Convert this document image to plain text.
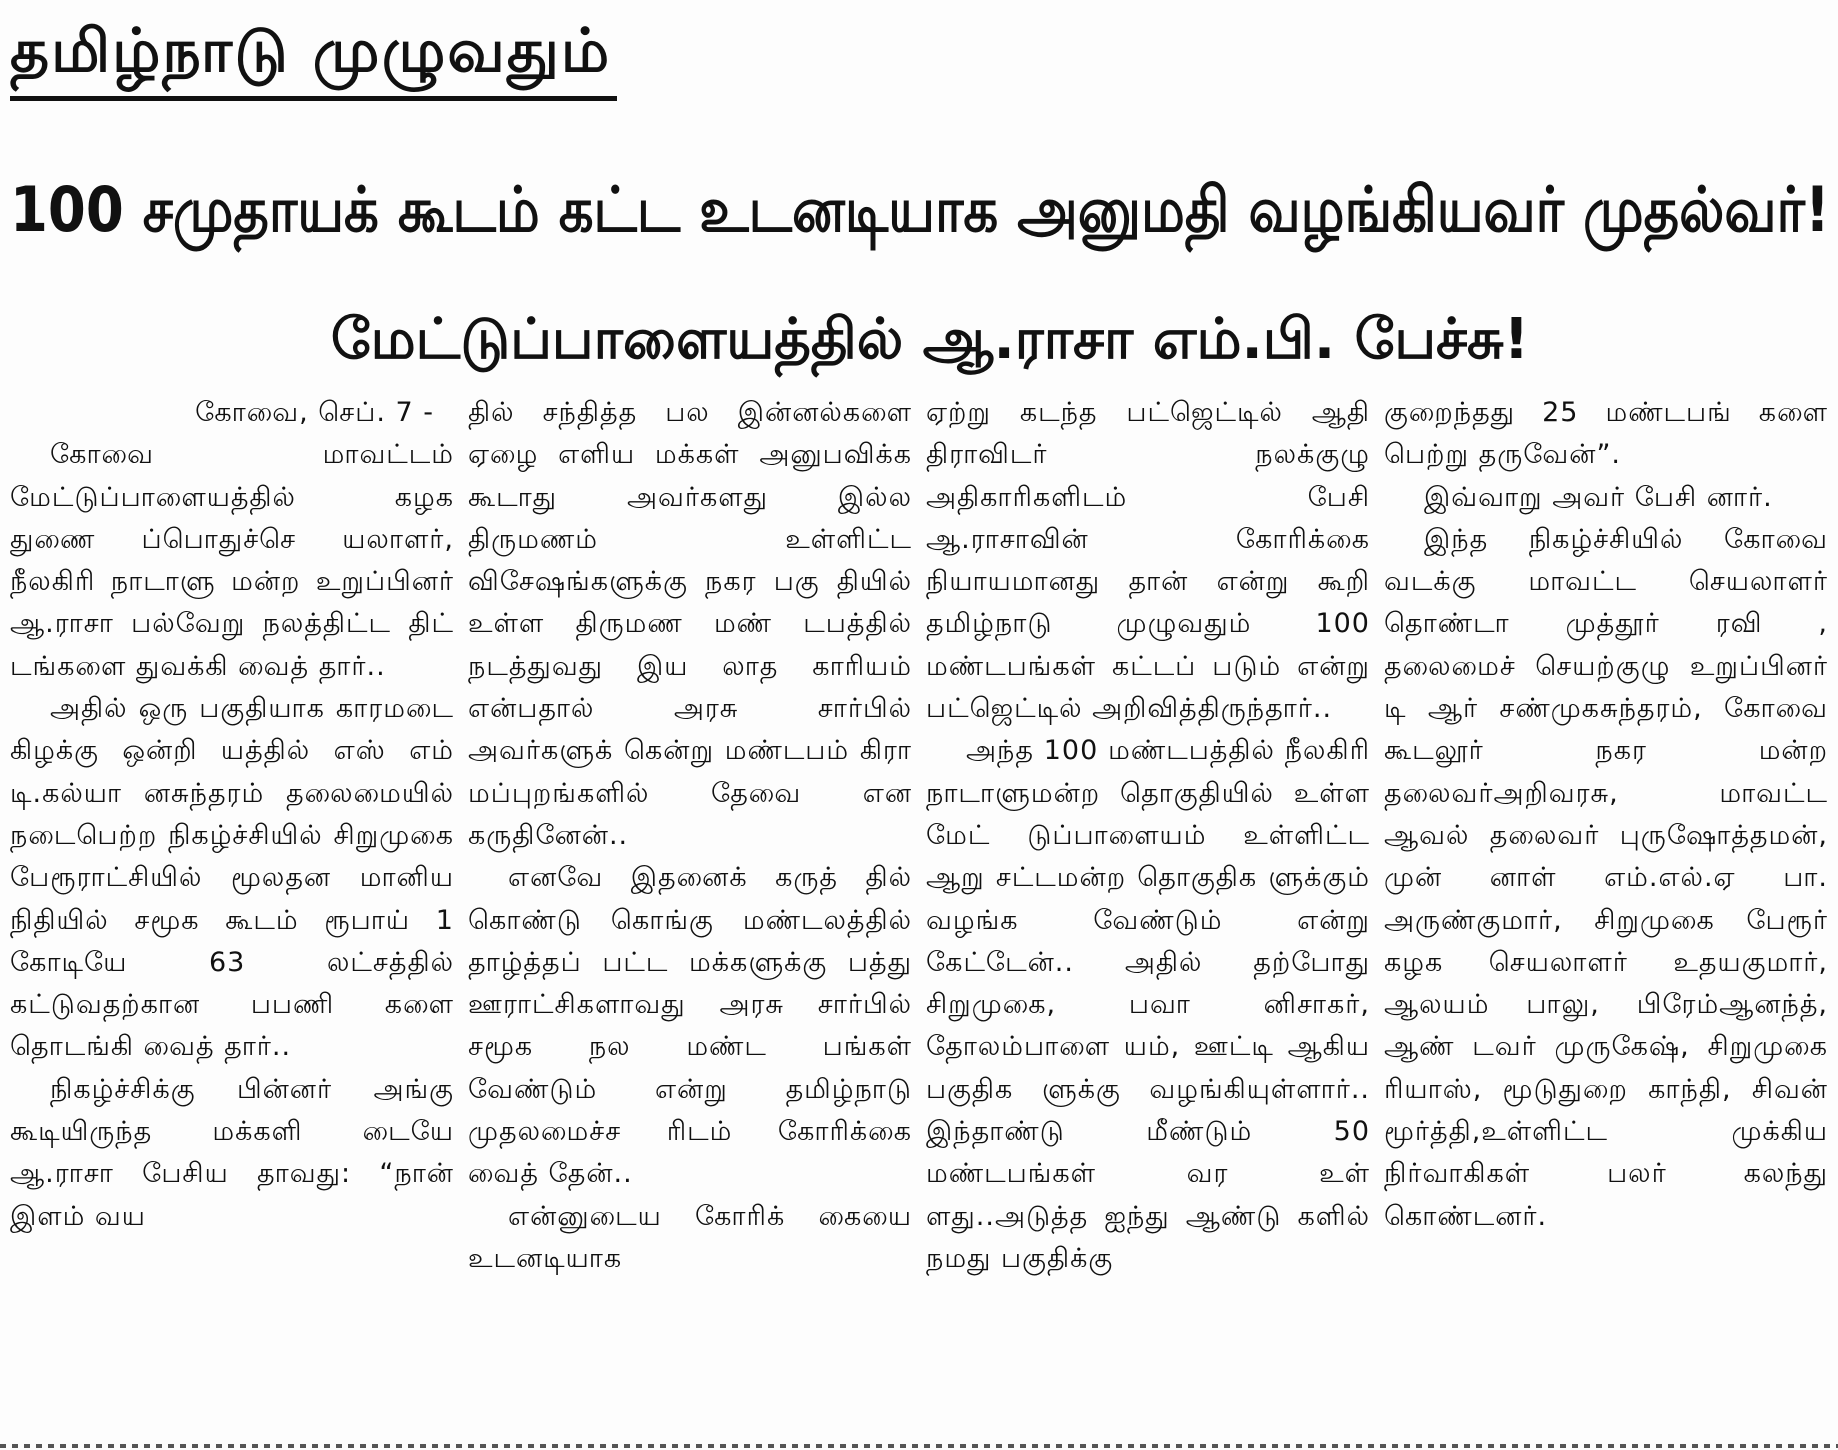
தமிழ்நாடு முழுவதும்
100 சமுதாயக் கூடம் கட்ட உடனடியாக அனுமதி வழங்கியவர் முதல்வர்!
மேட்டுப்பாளையத்தில் ஆ.ராசா எம்.பி. பேச்சு!

கோவை, செப். 7 -

கோவை மாவட்டம் மேட்டுப்பாளையத்தில் கழக துணை ப்பொதுச்செ யலாளர், நீலகிரி நாடாளு மன்ற உறுப்பினர் ஆ.ராசா பல்வேறு நலத்திட்ட திட் டங்களை துவக்கி வைத் தார்..

அதில் ஒரு பகுதியாக காரமடை கிழக்கு ஒன்றி யத்தில் எஸ் எம் டி.கல்யா னசுந்தரம் தலைமையில் நடைபெற்ற நிகழ்ச்சியில் சிறுமுகை பேரூராட்சியில் மூலதன மானிய நிதியில் சமூக கூடம் ரூபாய் 1 கோடியே 63 லட்சத்தில் கட்டுவதற்கான பபணி களை தொடங்கி வைத் தார்..

நிகழ்ச்சிக்கு பின்னர் அங்கு கூடியிருந்த மக்களி டையே ஆ.ராசா பேசிய தாவது: “நான் இளம் வய

தில் சந்தித்த பல இன்னல்களை ஏழை எளிய மக்கள் அனுபவிக்க கூடாது அவர்களது இல்ல திருமணம் உள்ளிட்ட விசேஷங்களுக்கு நகர பகு தியில் உள்ள திருமண மண் டபத்தில் நடத்துவது இய லாத காரியம் என்பதால் அரசு சார்பில் அவர்களுக் கென்று மண்டபம் கிரா மப்புறங்களில் தேவை என கருதினேன்..

எனவே இதனைக் கருத் தில் கொண்டு கொங்கு மண்டலத்தில் தாழ்த்தப் பட்ட மக்களுக்கு பத்து ஊராட்சிகளாவது அரசு சார்பில் சமூக நல மண்ட பங்கள் வேண்டும் என்று தமிழ்நாடு முதலமைச்ச ரிடம் கோரிக்கை வைத் தேன்..

என்னுடைய கோரிக் கையை உடனடியாக

ஏற்று கடந்த பட்ஜெட்டில் ஆதி திராவிடர் நலக்குழு அதிகாரிகளிடம் பேசி ஆ.ராசாவின் கோரிக்கை நியாயமானது தான் என்று கூறி தமிழ்நாடு முழுவதும் 100 மண்டபங்கள் கட்டப் படும் என்று பட்ஜெட்டில் அறிவித்திருந்தார்..

அந்த 100 மண்டபத்தில் நீலகிரி நாடாளுமன்ற தொகுதியில் உள்ள மேட் டுப்பாளையம் உள்ளிட்ட ஆறு சட்டமன்ற தொகுதிக ளுக்கும் வழங்க வேண்டும் என்று கேட்டேன்.. அதில் தற்போது சிறுமுகை, பவா னிசாகர், தோலம்பாளை யம், ஊட்டி ஆகிய பகுதிக ளுக்கு வழங்கியுள்ளார்.. இந்தாண்டு மீண்டும் 50 மண்டபங்கள் வர உள் ளது..அடுத்த ஐந்து ஆண்டு களில் நமது பகுதிக்கு

குறைந்தது 25 மண்டபங் களை பெற்று தருவேன்”.

இவ்வாறு அவர் பேசி னார்.

இந்த நிகழ்ச்சியில் கோவை வடக்கு மாவட்ட செயலாளர் தொண்டா முத்தூர் ரவி , தலைமைச் செயற்குழு உறுப்பினர் டி ஆர் சண்முகசுந்தரம், கோவை கூடலூர் நகர மன்ற தலைவர்அறிவரசு, மாவட்ட ஆவல் தலைவர் புருஷோத்தமன், முன் னாள் எம்.எல்.ஏ பா. அருண்குமார், சிறுமுகை பேரூர் கழக செயலாளர் உதயகுமார், ஆலயம் பாலு, பிரேம்ஆனந்த், ஆண் டவர் முருகேஷ், சிறுமுகை ரியாஸ், மூடுதுறை காந்தி, சிவன் மூர்த்தி,உள்ளிட்ட முக்கிய நிர்வாகிகள் பலர் கலந்து கொண்டனர்.
